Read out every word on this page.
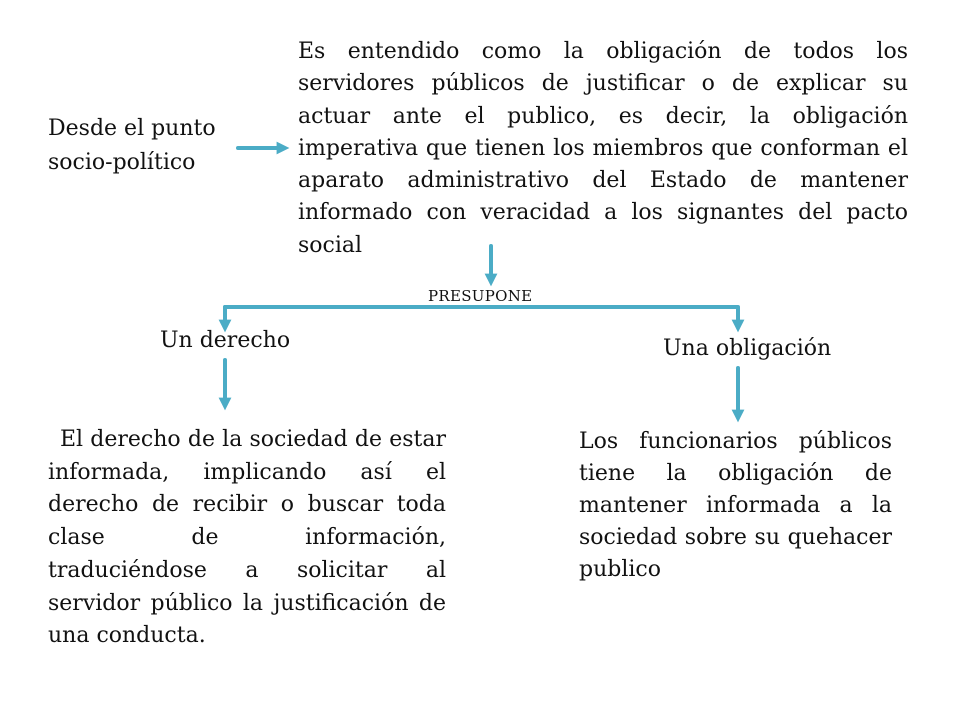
Desde el punto socio-político
Es entendido como la obligación de todos los servidores públicos de justificar o de explicar su actuar ante el publico, es decir, la obligación imperativa que tienen los miembros que conforman el aparato administrativo del Estado de mantener informado con veracidad a los signantes del pacto social
PRESUPONE
Un derecho	Una obligación
El derecho de la sociedad de estar informada, implicando así el derecho de recibir o buscar toda clase de información, traduciéndose a solicitar al servidor público la justificación de una conducta.
Los funcionarios públicos tiene la obligación de mantener informada a la sociedad sobre su quehacer publico
